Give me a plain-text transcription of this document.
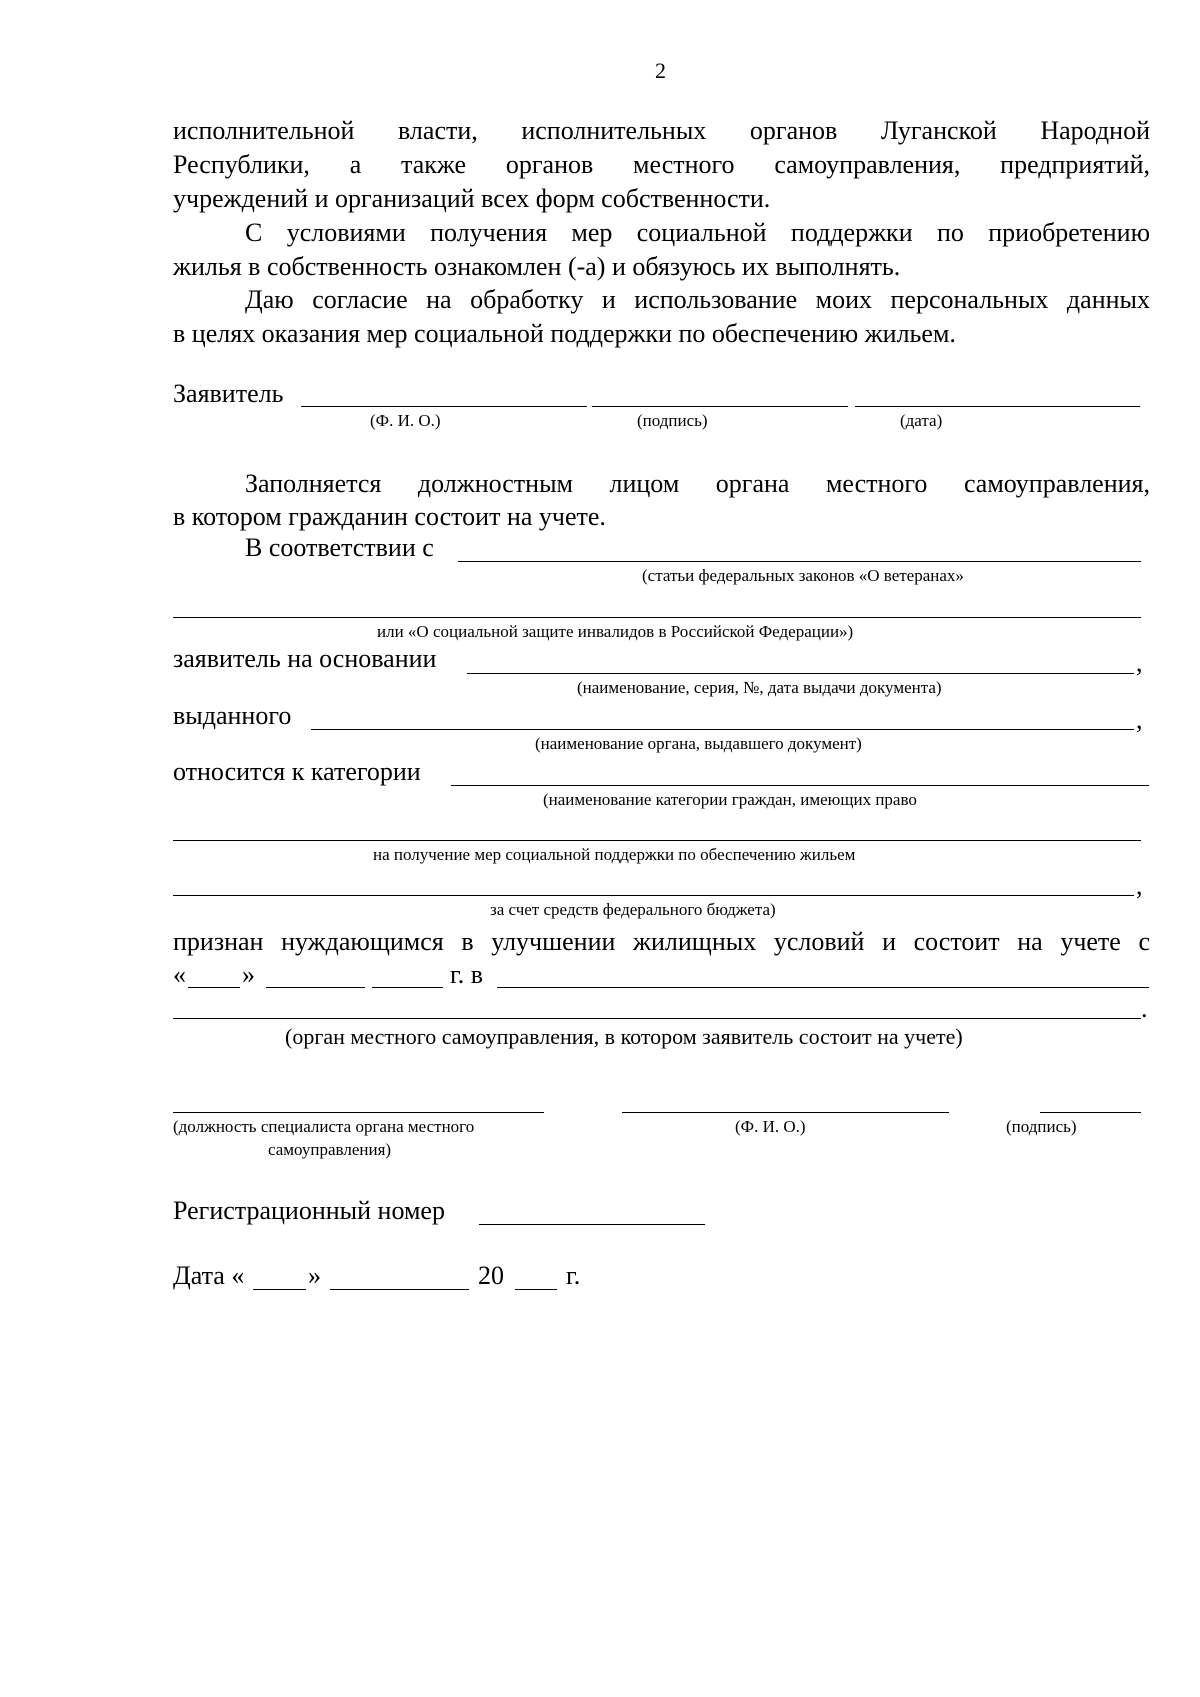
2
исполнительной власти, исполнительных органов Луганской Народной
Республики, а также органов местного самоуправления, предприятий,
учреждений и организаций всех форм собственности.
С условиями получения мер социальной поддержки по приобретению
жилья в собственность ознакомлен (-а) и обязуюсь их выполнять.
Даю согласие на обработку и использование моих персональных данных
в целях оказания мер социальной поддержки по обеспечению жильем.
Заявитель
(Ф. И. О.)	(подпись)	(дата)
Заполняется должностным лицом органа местного самоуправления,
в котором гражданин состоит на учете.
В соответствии с
(статьи федеральных законов «О ветеранах»
или «О социальной защите инвалидов в Российской Федерации»)
заявитель на основании	,
(наименование, серия, №, дата выдачи документа)
выданного	,
(наименование органа, выдавшего документ)
относится к категории
(наименование категории граждан, имеющих право
на получение мер социальной поддержки по обеспечению жильем
,
за счет средств федерального бюджета)
признан нуждающимся в улучшении жилищных условий и состоит на учете с
« »	г. в
.
(орган местного самоуправления, в котором заявитель состоит на учете)
(должность специалиста органа местного
самоуправления)
(Ф. И. О.)	(подпись)
Регистрационный номер
Дата « »	20 г.
